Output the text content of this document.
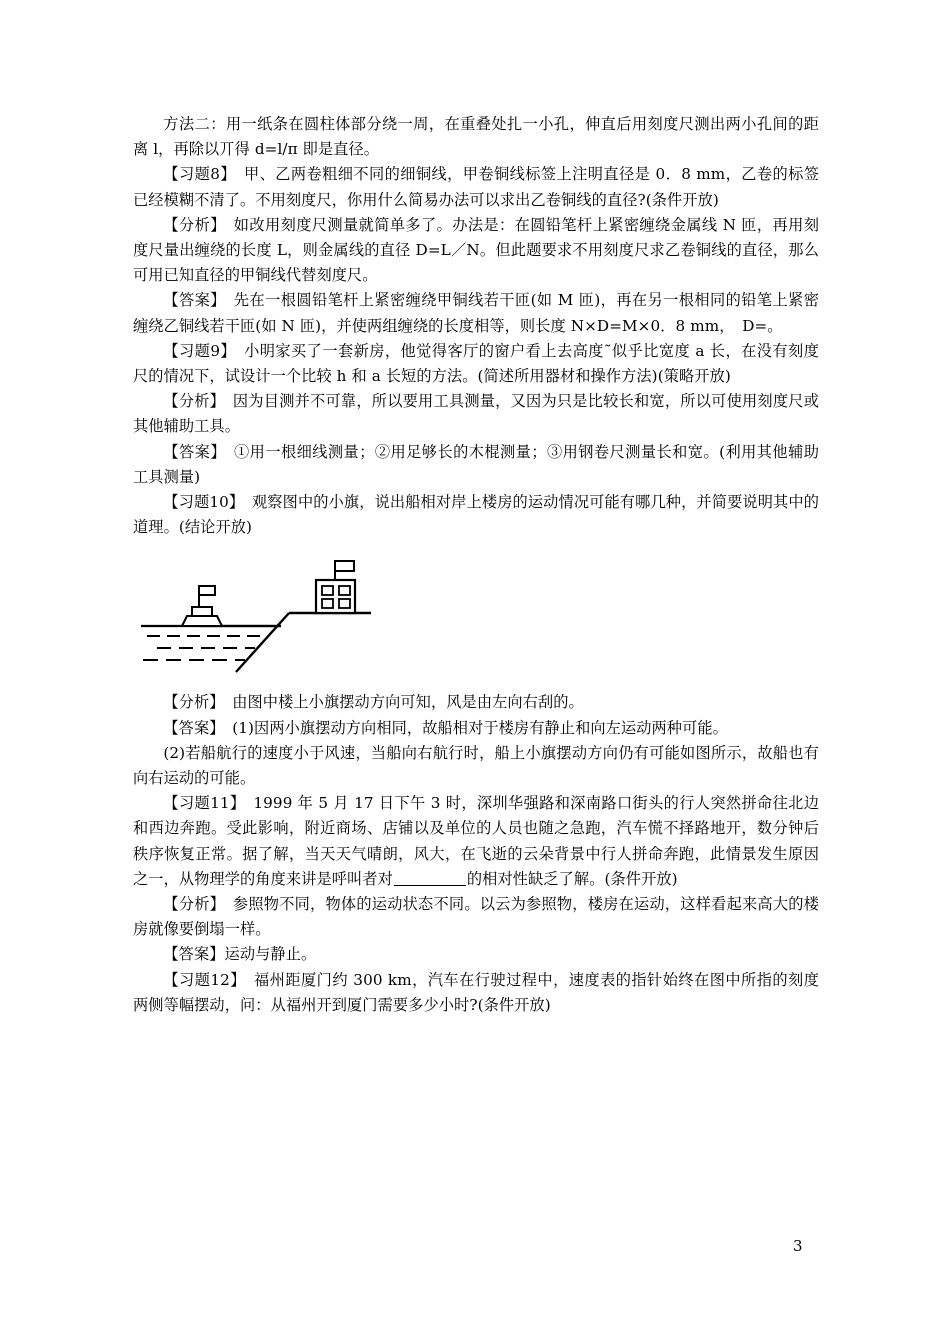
方法二：用一纸条在圆柱体部分绕一周，在重叠处扎一小孔，伸直后用刻度尺测出两小孔间的距离 l，再除以丌得 d=l/π 即是直径。

【习题8】　甲、乙两卷粗细不同的细铜线，甲卷铜线标签上注明直径是 0．8 mm，乙卷的标签已经模糊不清了。不用刻度尺，你用什么简易办法可以求出乙卷铜线的直径?(条件开放)

【分析】　如改用刻度尺测量就简单多了。办法是：在圆铅笔杆上紧密缠绕金属线 N 匝，再用刻度尺量出缠绕的长度 L，则金属线的直径 D=L／N。但此题要求不用刻度尺求乙卷铜线的直径，那么可用已知直径的甲铜线代替刻度尺。

【答案】　先在一根圆铅笔杆上紧密缠绕甲铜线若干匝(如 M 匝)，再在另一根相同的铅笔上紧密缠绕乙铜线若干匝(如 N 匝)，并使两组缠绕的长度相等，则长度 N×D=M×0．8 mm，　D=。

【习题9】　小明家买了一套新房，他觉得客厅的窗户看上去高度˜似乎比宽度 a 长，在没有刻度尺的情况下，试设计一个比较 h 和 a 长短的方法。(简述所用器材和操作方法)(策略开放)

【分析】　因为目测并不可靠，所以要用工具测量，又因为只是比较长和宽，所以可使用刻度尺或其他辅助工具。

【答案】　①用一根细线测量；②用足够长的木棍测量；③用钢卷尺测量长和宽。(利用其他辅助工具测量)

【习题10】　观察图中的小旗，说出船相对岸上楼房的运动情况可能有哪几种，并简要说明其中的道理。(结论开放)

【分析】　由图中楼上小旗摆动方向可知，风是由左向右刮的。

【答案】　(1)因两小旗摆动方向相同，故船相对于楼房有静止和向左运动两种可能。

(2)若船航行的速度小于风速，当船向右航行时，船上小旗摆动方向仍有可能如图所示，故船也有向右运动的可能。

【习题11】　1999 年 5 月 17 日下午 3 时，深圳华强路和深南路口街头的行人突然拼命往北边和西边奔跑。受此影响，附近商场、店铺以及单位的人员也随之急跑，汽车慌不择路地开，数分钟后秩序恢复正常。据了解，当天天气晴朗，风大，在飞逝的云朵背景中行人拼命奔跑，此情景发生原因之一，从物理学的角度来讲是呼叫者对	的相对性缺乏了解。(条件开放)

【分析】　参照物不同，物体的运动状态不同。以云为参照物，楼房在运动，这样看起来高大的楼房就像要倒塌一样。

【答案】运动与静止。

【习题12】　福州距厦门约 300 km，汽车在行驶过程中，速度表的指针始终在图中所指的刻度两侧等幅摆动，问：从福州开到厦门需要多少小时?(条件开放)

3
